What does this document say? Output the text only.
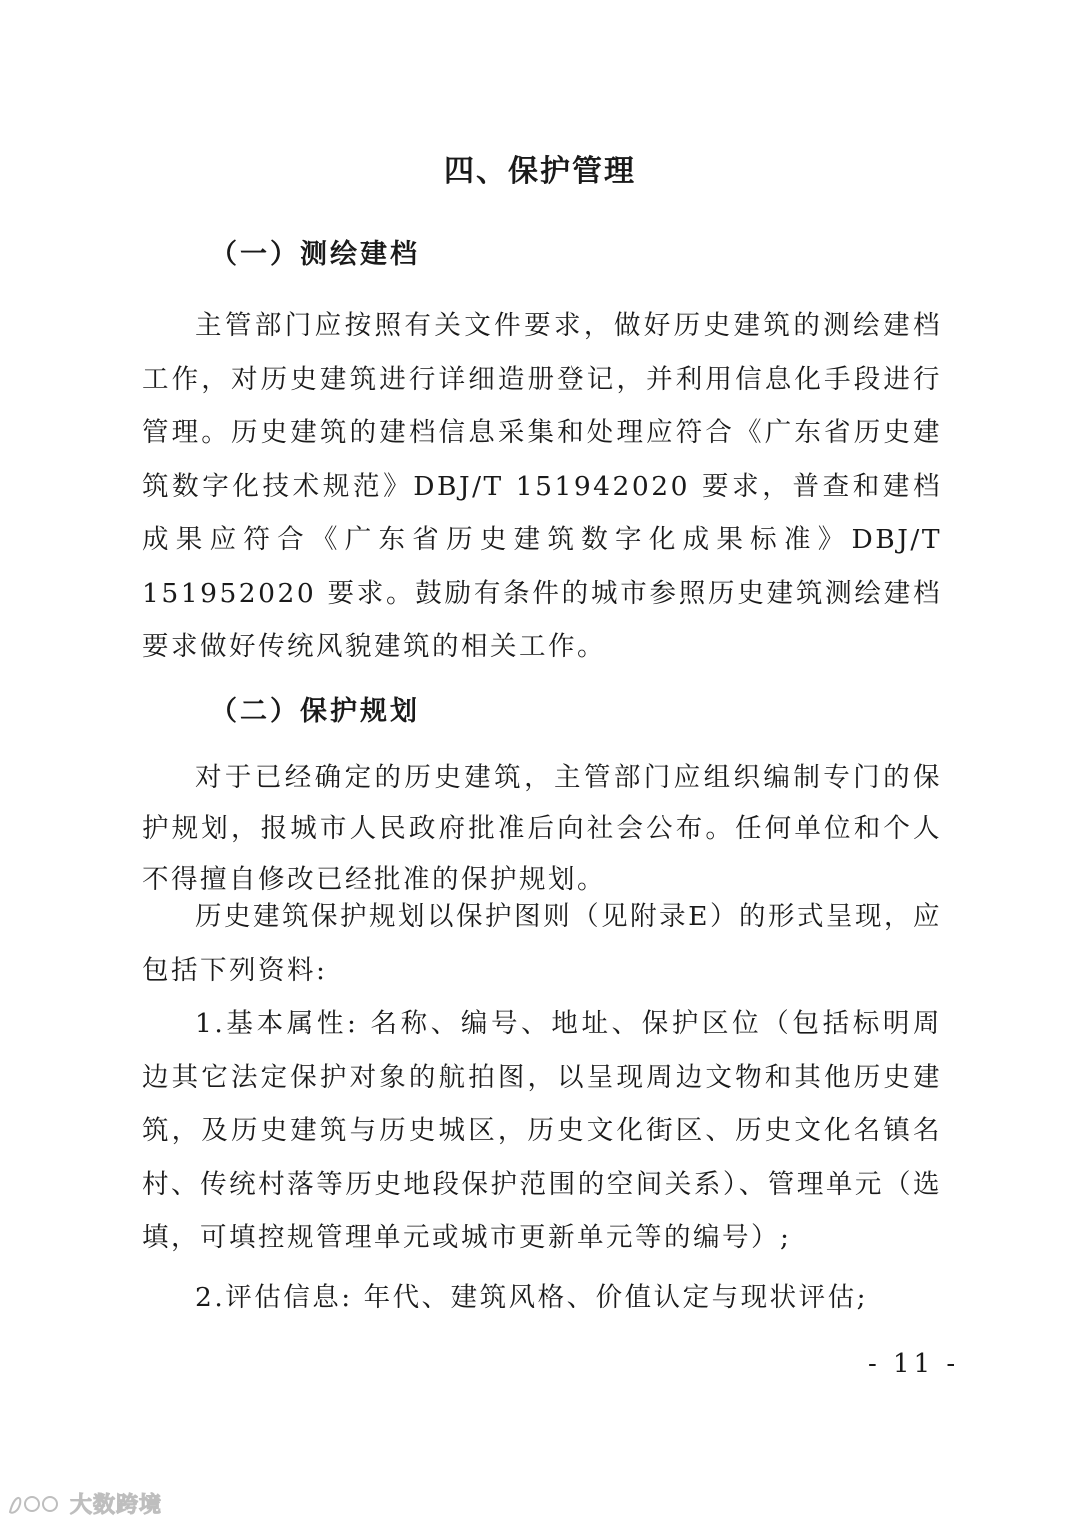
四、保护管理
（一）测绘建档

主管部门应按照有关文件要求，做好历史建筑的测绘建档工作，对历史建筑进行详细造册登记，并利用信息化手段进行管理。历史建筑的建档信息采集和处理应符合《广东省历史建筑数字化技术规范》DBJ/T 151942020 要求，普查和建档成果应符合《广东省历史建筑数字化成果标准》DBJ/T 151952020 要求。鼓励有条件的城市参照历史建筑测绘建档要求做好传统风貌建筑的相关工作。

（二）保护规划

对于已经确定的历史建筑，主管部门应组织编制专门的保护规划，报城市人民政府批准后向社会公布。任何单位和个人不得擅自修改已经批准的保护规划。

历史建筑保护规划以保护图则（见附录E）的形式呈现，应包括下列资料:

1.基本属性: 名称、编号、地址、保护区位（包括标明周边其它法定保护对象的航拍图，以呈现周边文物和其他历史建筑，及历史建筑与历史城区，历史文化街区、历史文化名镇名村、传统村落等历史地段保护范围的空间关系）、管理单元（选填，可填控规管理单元或城市更新单元等的编号）;

2.评估信息: 年代、建筑风格、价值认定与现状评估;

- 11 -
大数跨境
